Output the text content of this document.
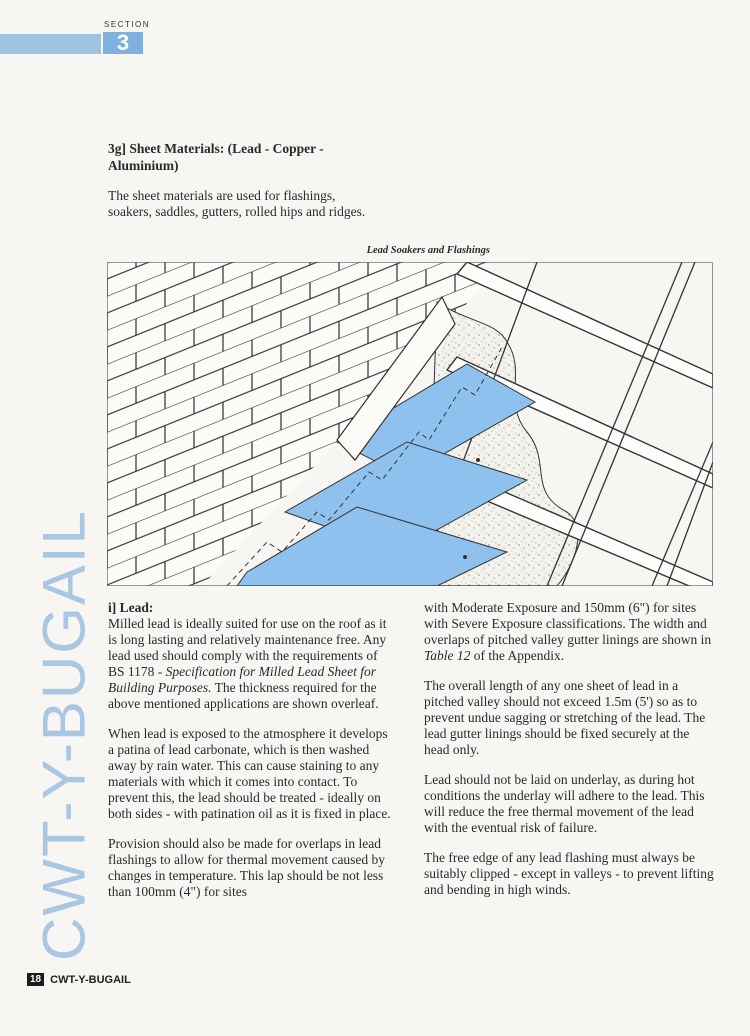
SECTION
3
CWT-Y-BUGAIL
3g] Sheet Materials: (Lead - Copper - Aluminium)

The sheet materials are used for flashings, soakers, saddles, gutters, rolled hips and ridges.

Lead Soakers and Flashings
i] Lead:

Milled lead is ideally suited for use on the roof as it is long lasting and relatively maintenance free. Any lead used should comply with the requirements of BS 1178 - Specification for Milled Lead Sheet for Building Purposes. The thickness required for the above mentioned applications are shown overleaf.

When lead is exposed to the atmosphere it develops a patina of lead carbonate, which is then washed away by rain water. This can cause staining to any materials with which it comes into contact. To prevent this, the lead should be treated - ideally on both sides - with patination oil as it is fixed in place.

Provision should also be made for overlaps in lead flashings to allow for thermal movement caused by changes in temperature. This lap should be not less than 100mm (4") for sites

with Moderate Exposure and 150mm (6") for sites with Severe Exposure classifications. The width and overlaps of pitched valley gutter linings are shown in Table 12 of the Appendix.

The overall length of any one sheet of lead in a pitched valley should not exceed 1.5m (5') so as to prevent undue sagging or stretching of the lead. The lead gutter linings should be fixed securely at the head only.

Lead should not be laid on underlay, as during hot conditions the underlay will adhere to the lead. This will reduce the free thermal movement of the lead with the eventual risk of failure.

The free edge of any lead flashing must always be suitably clipped - except in valleys - to prevent lifting and bending in high winds.

18 CWT-Y-BUGAIL
